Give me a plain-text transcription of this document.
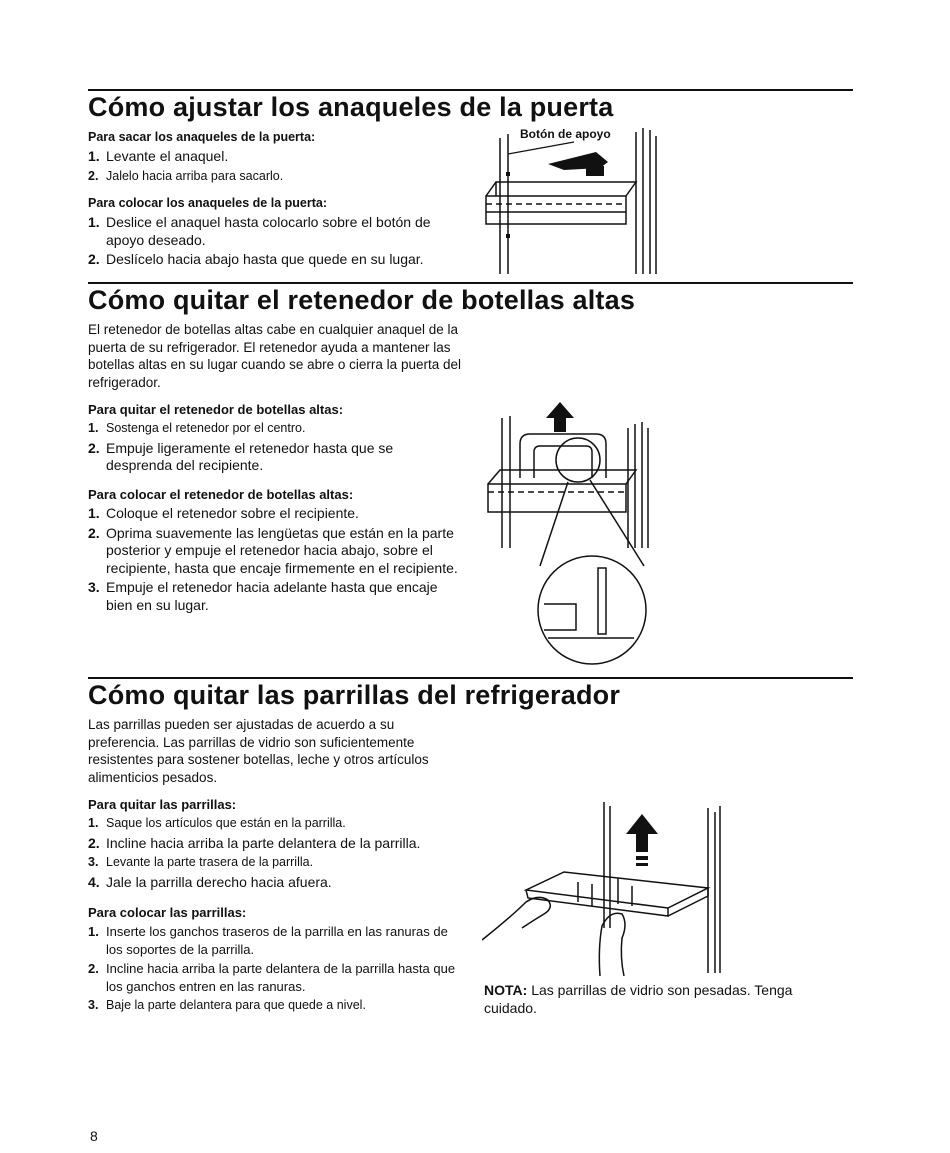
Cómo ajustar los anaqueles de la puerta
Para sacar los anaqueles de la puerta:
1. Levante el anaquel.
2. Jalelo hacia arriba para sacarlo.
Para colocar los anaqueles de la puerta:
1. Deslice el anaquel hasta colocarlo sobre el botón de apoyo deseado.
2. Deslícelo hacia abajo hasta que quede en su lugar.
Botón de apoyo
Cómo quitar el retenedor de botellas altas
El retenedor de botellas altas cabe en cualquier anaquel de la puerta de su refrigerador. El retenedor ayuda a mantener las botellas altas en su lugar cuando se abre o cierra la puerta del refrigerador.
Para quitar el retenedor de botellas altas:
1. Sostenga el retenedor por el centro.
2. Empuje ligeramente el retenedor hasta que se desprenda del recipiente.
Para colocar el retenedor de botellas altas:
1. Coloque el retenedor sobre el recipiente.
2. Oprima suavemente las lengüetas que están en la parte posterior y empuje el retenedor hacia abajo, sobre el recipiente, hasta que encaje firmemente en el recipiente.
3. Empuje el retenedor hacia adelante hasta que encaje bien en su lugar.
Cómo quitar las parrillas del refrigerador
Las parrillas pueden ser ajustadas de acuerdo a su preferencia. Las parrillas de vidrio son suficientemente resistentes para sostener botellas, leche y otros artículos alimenticios pesados.
Para quitar las parrillas:
1. Saque los artículos que están en la parrilla.
2. Incline hacia arriba la parte delantera de la parrilla.
3. Levante la parte trasera de la parrilla.
4. Jale la parrilla derecho hacia afuera.
Para colocar las parrillas:
1. Inserte los ganchos traseros de la parrilla en las ranuras de los soportes de la parrilla.
2. Incline hacia arriba la parte delantera de la parrilla hasta que los ganchos entren en las ranuras.
3. Baje la parte delantera para que quede a nivel.
NOTA: Las parrillas de vidrio son pesadas. Tenga cuidado.
8
